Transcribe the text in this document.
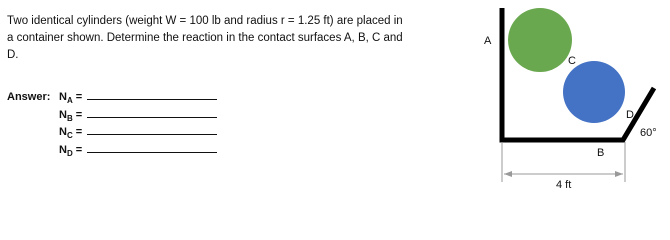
Two identical cylinders (weight W = 100 lb and radius r = 1.25 ft) are placed in a container shown. Determine the reaction in the contact surfaces A, B, C and D.
Answer: $N_A$ =
$N_B$ =
$N_C$ =
$N_D$ =
A
C
D
60°
B
4 ft
